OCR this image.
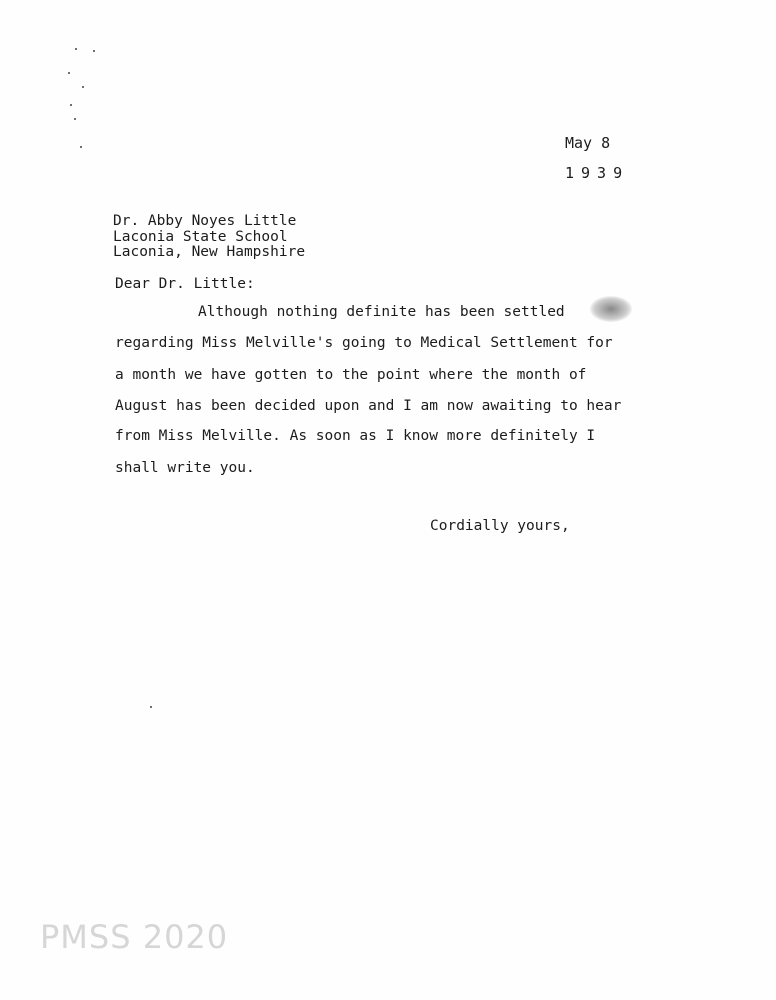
May 8
1939
Dr. Abby Noyes Little
Laconia State School
Laconia, New Hampshire
Dear Dr. Little:
Although nothing definite has been settled
regarding Miss Melville's going to Medical Settlement for
a month we have gotten to the point where the month of
August has been decided upon and I am now awaiting to hear
from Miss Melville. As soon as I know more definitely I
shall write you.
Cordially yours,
PMSS 2020
